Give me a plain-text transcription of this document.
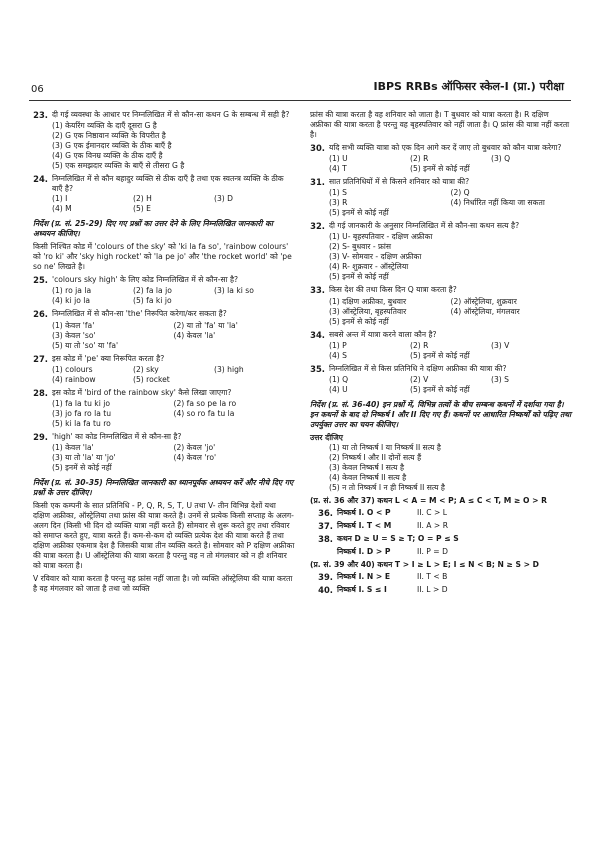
06	IBPS RRBs ऑफिसर स्केल-I (प्रा.) परीक्षा
23. दी गई व्यवस्था के आधार पर निम्नलिखित में से कौन-सा कथन G के सम्बन्ध में सही है?
(1) केयरिंग व्यक्ति के दाएँ दूसरा G है
(2) G एक निष्ठावान व्यक्ति के विपरीत है
(3) G एक ईमानदार व्यक्ति के ठीक बाएँ है
(4) G एक विनम्र व्यक्ति के ठीक दाएँ है
(5) एक समझदार व्यक्ति के बाएँ से तीसरा G है
24. निम्नलिखित में से कौन बहादुर व्यक्ति से ठीक दाएँ है तथा एक स्वतन्त्र व्यक्ति के ठीक बाएँ है?
(1) I	(2) H	(3) D
(4) M	(5) E
निर्देश (प्र. सं. 25-29) दिए गए प्रश्नों का उत्तर देने के लिए निम्नलिखित जानकारी का अध्ययन कीजिए।
किसी निश्चित कोड में 'colours of the sky' को 'ki la fa so', 'rainbow colours' को 'ro ki' और 'sky high rocket' को 'la pe jo' और 'the rocket world' को 'pe so ne' लिखते है।
25. 'colours sky high' के लिए कोड निम्नलिखित में से कौन-सा है?
(1) ro ja la	(2) fa la jo	(3) la ki so
(4) ki jo la	(5) fa ki jo
26. निम्नलिखित में से कौन-सा 'the' निरूपित करेगा/कर सकता है?
(1) केवल 'fa'	(2) या तो 'fa' या 'la'
(3) केवल 'so'	(4) केवल 'la'
(5) या तो 'so' या 'fa'
27. इस कोड में 'pe' क्या निरूपित करता है?
(1) colours	(2) sky	(3) high
(4) rainbow	(5) rocket
28. इस कोड में 'bird of the rainbow sky' कैसे लिखा जाएगा?
(1) fa la tu ki jo	(2) fa so pe la ro
(3) jo fa ro la tu	(4) so ro fa tu la
(5) ki la fa tu ro
29. 'high' का कोड निम्नलिखित में से कौन-सा है?
(1) केवल 'la'	(2) केवल 'jo'
(3) या तो 'la' या 'jo'	(4) केवल 'ro'
(5) इनमें से कोई नहीं
निर्देश (प्र. सं. 30-35) निम्नलिखित जानकारी का ध्यानपूर्वक अध्ययन करें और नीचे दिए गए प्रश्नों के उत्तर दीजिए।
किसी एक कम्पनी के सात प्रतिनिधि - P, Q, R, S, T, U तथा V- तीन विभिन्न देशों यथा दक्षिण अफ्रीका, ऑस्ट्रेलिया तथा फ्रांस की यात्रा करते है। उनमें से प्रत्येक किसी सप्ताह के अलग-अलग दिन (किसी भी दिन दो व्यक्ति यात्रा नहीं करते हैं) सोमवार से शुरू करते हुए तथा रविवार को समाप्त करते हुए, यात्रा करते हैं। कम-से-कम दो व्यक्ति प्रत्येक देश की यात्रा करते हैं तथा दक्षिण अफ्रीका एकमात्र देश है जिसकी यात्रा तीन व्यक्ति करते है। सोमवार को P दक्षिण अफ्रीका की यात्रा करता है। U ऑस्ट्रेलिया की यात्रा करता है परन्तु वह न तो मंगलवार को न ही शनिवार को यात्रा करता है।
V रविवार को यात्रा करता है परन्तु वह फ्रांस नहीं जाता है। जो व्यक्ति ऑस्ट्रेलिया की यात्रा करता है वह मंगलवार को जाता है तथा जो व्यक्ति
फ्रांस की यात्रा करता है वह शनिवार को जाता है। T बुधवार को यात्रा करता है। R दक्षिण अफ्रीका की यात्रा करता है परन्तु वह बृहस्पतिवार को नहीं जाता है। Q फ्रांस की यात्रा नहीं करता है।
30. यदि सभी व्यक्ति यात्रा को एक दिन आगे कर दें जाए तो बुधवार को कौन यात्रा करेगा?
(1) U	(2) R	(3) Q
(4) T	(5) इनमें से कोई नहीं
31. सात प्रतिनिधियों में से किसने शनिवार को यात्रा की?
(1) S	(2) Q
(3) R	(4) निर्धारित नहीं किया जा सकता
(5) इनमें से कोई नहीं
32. दी गई जानकारी के अनुसार निम्नलिखित में से कौन-सा कथन सत्य है?
(1) U- बृहस्पतिवार - दक्षिण अफ्रीका
(2) S- बुधवार - फ्रांस
(3) V- सोमवार - दक्षिण अफ्रीका
(4) R- शुक्रवार - ऑस्ट्रेलिया
(5) इनमें से कोई नहीं
33. किस देश की तथा किस दिन Q यात्रा करता है?
(1) दक्षिण अफ्रीका, बुधवार	(2) ऑस्ट्रेलिया, शुक्रवार
(3) ऑस्ट्रेलिया, बृहस्पतिवार	(4) ऑस्ट्रेलिया, मंगलवार
(5) इनमें से कोई नहीं
34. सबसे अन्त में यात्रा करने वाला कौन है?
(1) P	(2) R	(3) V
(4) S	(5) इनमें से कोई नहीं
35. निम्नलिखित में से किस प्रतिनिधि ने दक्षिण अफ्रीका की यात्रा की?
(1) Q	(2) V	(3) S
(4) U	(5) इनमें से कोई नहीं
निर्देश (प्र. सं. 36-40) इन प्रश्नों में, विभिन्न तत्वों के बीच सम्बन्ध कथनों में दर्शाया गया है। इन कथनों के बाद दो निष्कर्ष I और II दिए गए हैं। कथनों पर आधारित निष्कर्षों को पढ़िए तथा उपर्युक्त उत्तर का चयन कीजिए।
उत्तर दीजिए
(1) या तो निष्कर्ष I या निष्कर्ष II सत्य है
(2) निष्कर्ष I और II दोनों सत्य हैं
(3) केवल निष्कर्ष I सत्य है
(4) केवल निष्कर्ष II सत्य है
(5) न तो निष्कर्ष I न ही निष्कर्ष II सत्य है
(प्र. सं. 36 और 37) कथन L < A = M < P; A ≤ C < T, M ≥ O > R
36. निष्कर्ष I. O < P	II. C > L
37. निष्कर्ष I. T < M	II. A > R
38. कथन D ≥ U = S ≥ T; O = P ≤ S
निष्कर्ष I. D > P	II. P = D
(प्र. सं. 39 और 40) कथन T > I ≥ L > E; I ≤ N < B; N ≥ S > D
39. निष्कर्ष I. N > E	II. T < B
40. निष्कर्ष I. S ≤ I	II. L > D
